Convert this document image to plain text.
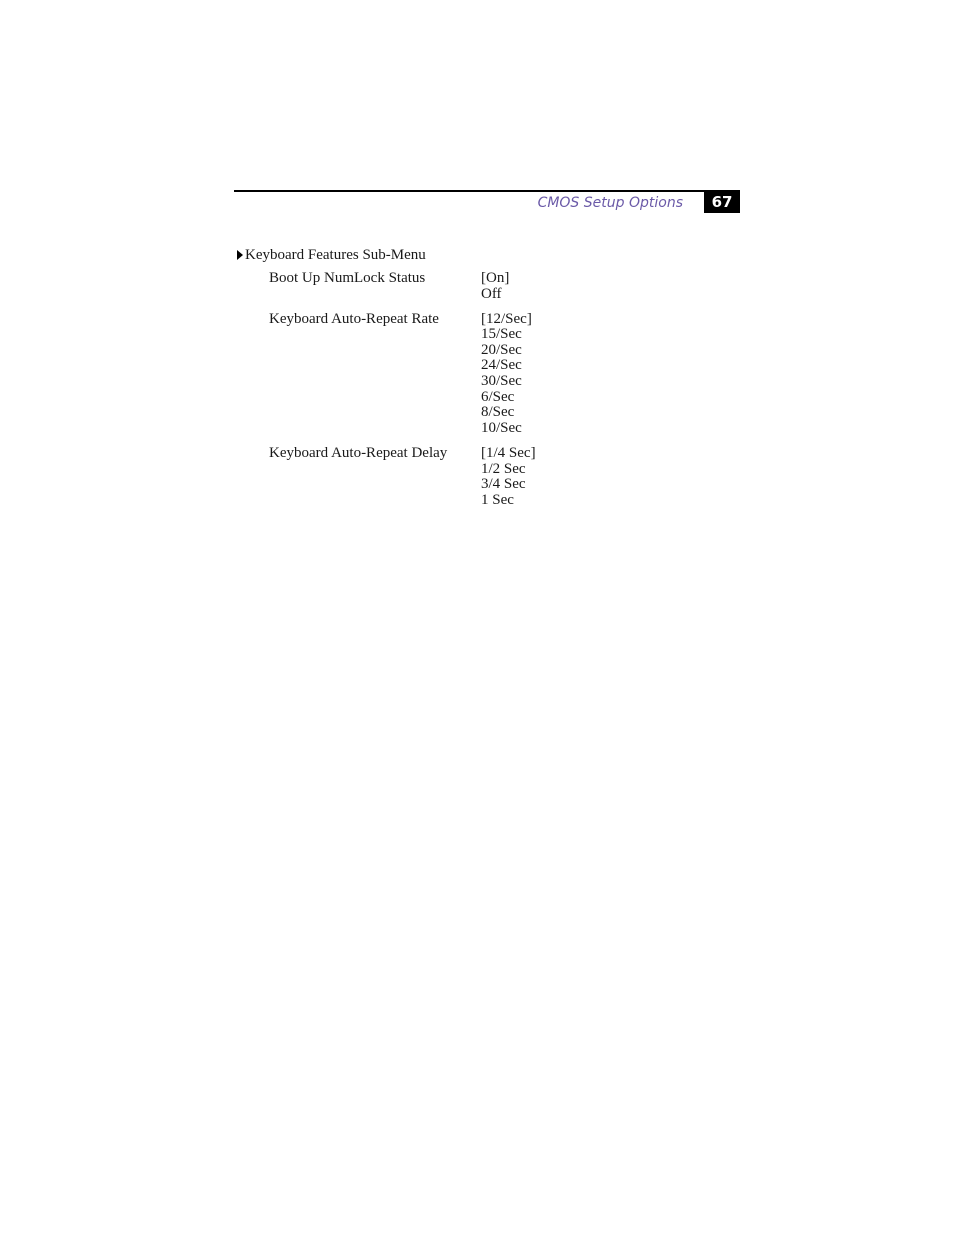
CMOS Setup Options	67
Keyboard Features Sub-Menu
Boot Up NumLock Status	[On]
Off
Keyboard Auto-Repeat Rate	[12/Sec]
15/Sec
20/Sec
24/Sec
30/Sec
6/Sec
8/Sec
10/Sec
Keyboard Auto-Repeat Delay	[1/4 Sec]
1/2 Sec
3/4 Sec
1 Sec
